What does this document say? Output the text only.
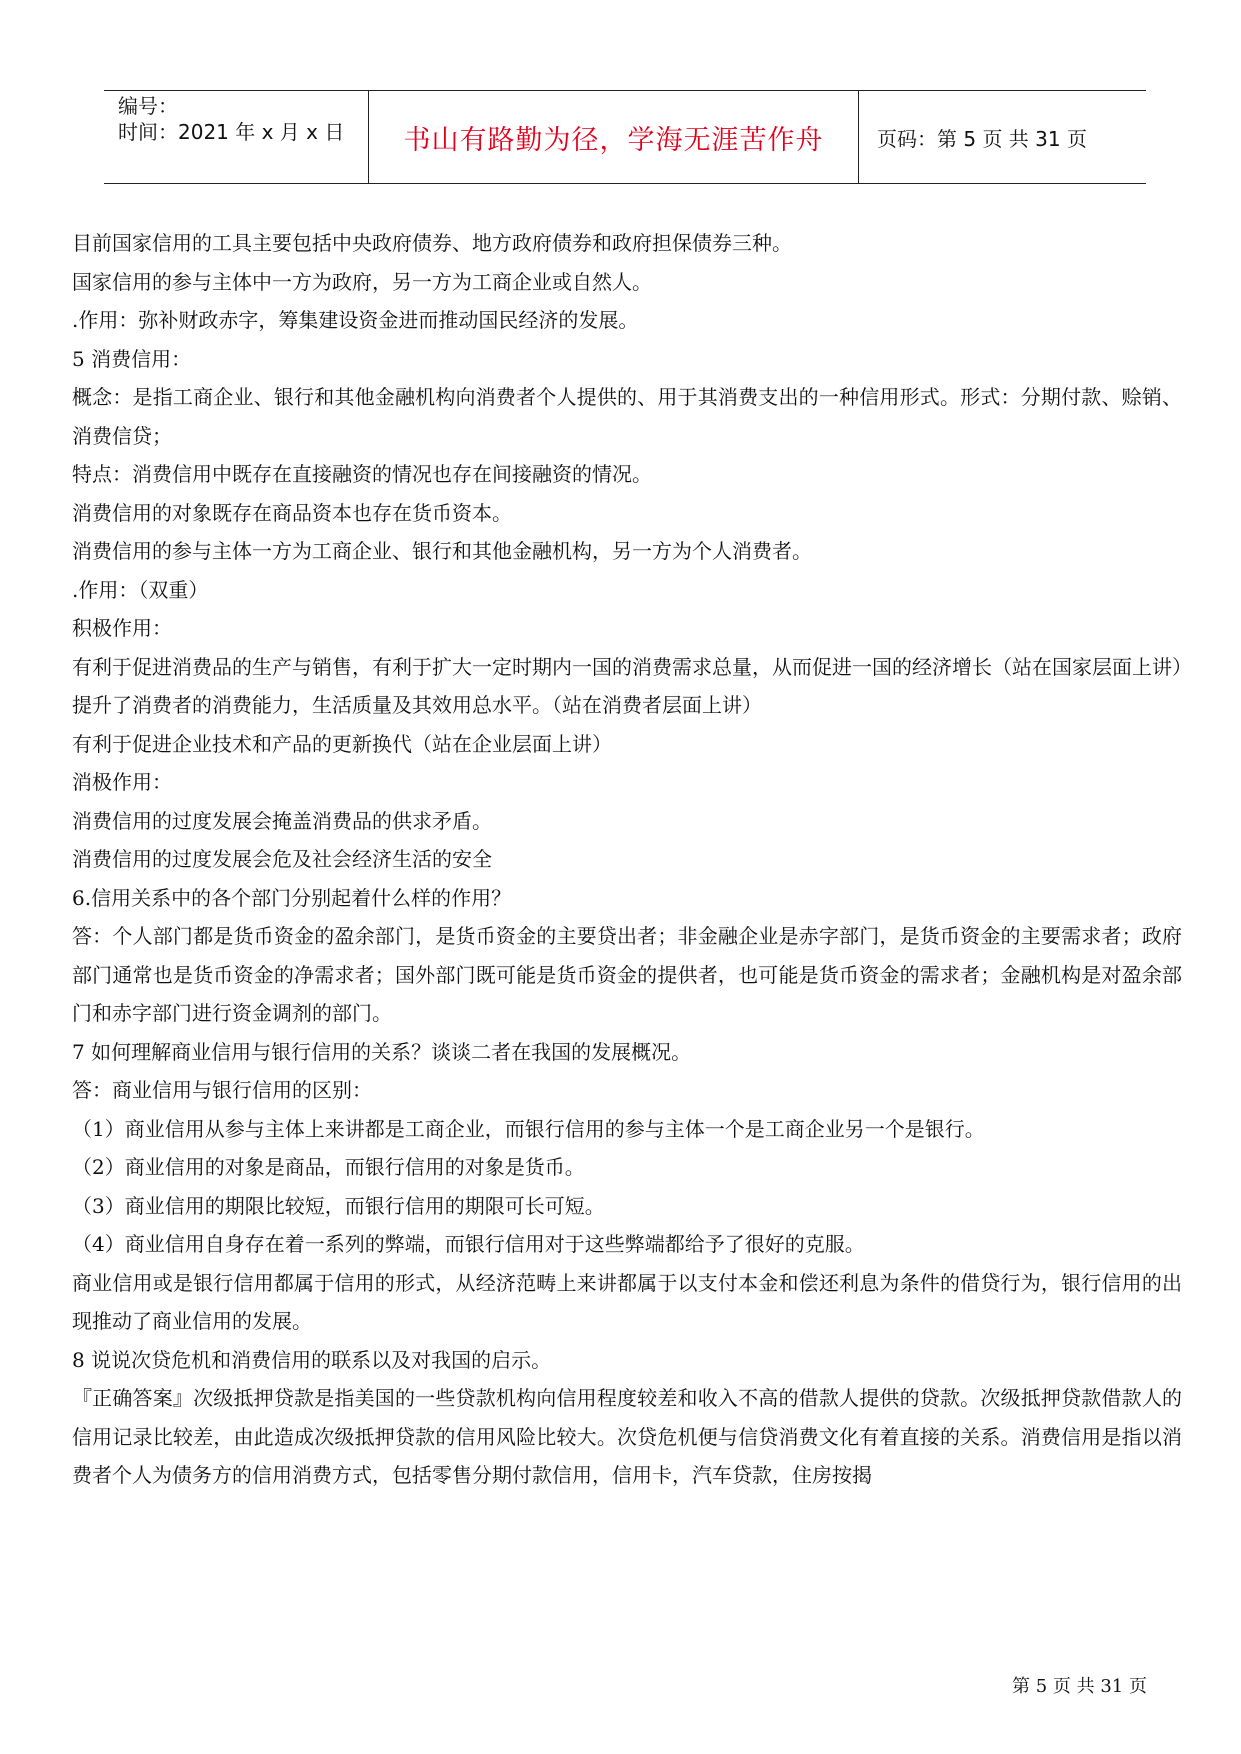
编号：
时间：2021 年 x 月 x 日	书山有路勤为径，学海无涯苦作舟	页码：第 5 页 共 31 页

目前国家信用的工具主要包括中央政府债券、地方政府债券和政府担保债券三种。

国家信用的参与主体中一方为政府，另一方为工商企业或自然人。

.作用：弥补财政赤字，筹集建设资金进而推动国民经济的发展。

5 消费信用：

概念：是指工商企业、银行和其他金融机构向消费者个人提供的、用于其消费支出的一种信用形式。形式：分期付款、赊销、消费信贷；

特点：消费信用中既存在直接融资的情况也存在间接融资的情况。

消费信用的对象既存在商品资本也存在货币资本。

消费信用的参与主体一方为工商企业、银行和其他金融机构，另一方为个人消费者。

.作用：（双重）

积极作用：

有利于促进消费品的生产与销售，有利于扩大一定时期内一国的消费需求总量，从而促进一国的经济增长（站在国家层面上讲）

提升了消费者的消费能力，生活质量及其效用总水平。（站在消费者层面上讲）

有利于促进企业技术和产品的更新换代（站在企业层面上讲）

消极作用：

消费信用的过度发展会掩盖消费品的供求矛盾。

消费信用的过度发展会危及社会经济生活的安全

6.信用关系中的各个部门分别起着什么样的作用？

答：个人部门都是货币资金的盈余部门，是货币资金的主要贷出者；非金融企业是赤字部门，是货币资金的主要需求者；政府部门通常也是货币资金的净需求者；国外部门既可能是货币资金的提供者，也可能是货币资金的需求者；金融机构是对盈余部门和赤字部门进行资金调剂的部门。

7 如何理解商业信用与银行信用的关系？谈谈二者在我国的发展概况。

答：商业信用与银行信用的区别：

（1）商业信用从参与主体上来讲都是工商企业，而银行信用的参与主体一个是工商企业另一个是银行。

（2）商业信用的对象是商品，而银行信用的对象是货币。

（3）商业信用的期限比较短，而银行信用的期限可长可短。

（4）商业信用自身存在着一系列的弊端，而银行信用对于这些弊端都给予了很好的克服。

商业信用或是银行信用都属于信用的形式，从经济范畴上来讲都属于以支付本金和偿还利息为条件的借贷行为，银行信用的出现推动了商业信用的发展。

8 说说次贷危机和消费信用的联系以及对我国的启示。

『正确答案』次级抵押贷款是指美国的一些贷款机构向信用程度较差和收入不高的借款人提供的贷款。次级抵押贷款借款人的信用记录比较差，由此造成次级抵押贷款的信用风险比较大。次贷危机便与信贷消费文化有着直接的关系。消费信用是指以消费者个人为债务方的信用消费方式，包括零售分期付款信用，信用卡，汽车贷款，住房按揭

第 5 页 共 31 页
